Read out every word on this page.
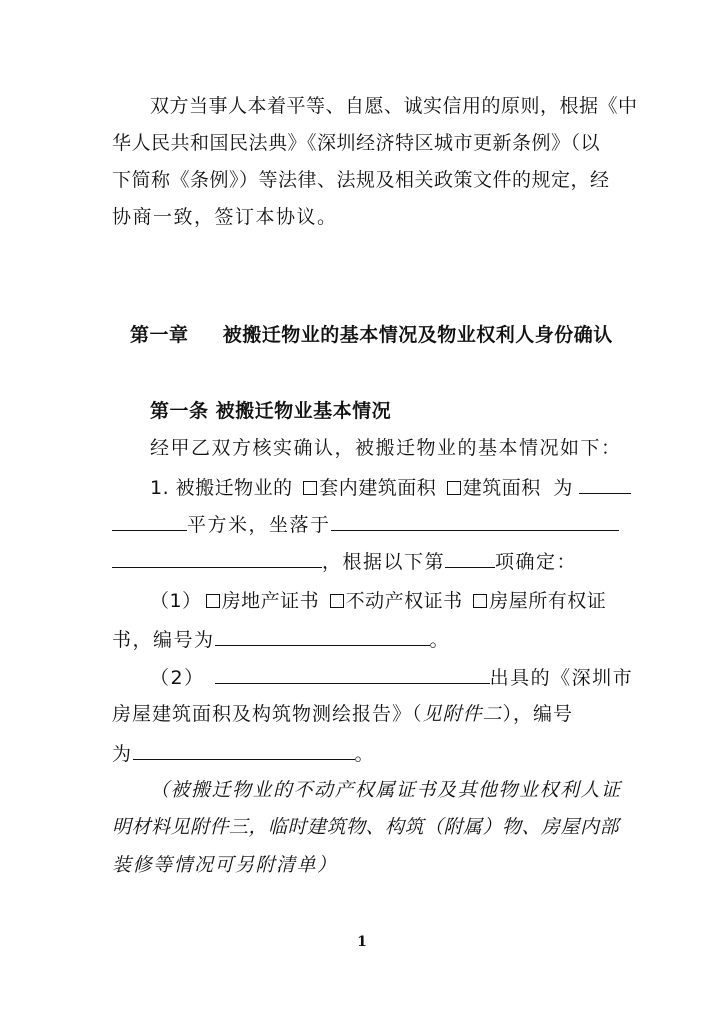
双方当事人本着平等、自愿、诚实信用的原则，根据《中
华人民共和国民法典》《深圳经济特区城市更新条例》（以
下简称《条例》）等法律、法规及相关政策文件的规定，经
协商一致，签订本协议。
第一章 被搬迁物业的基本情况及物业权利人身份确认
第一条 被搬迁物业基本情况
经甲乙双方核实确认，被搬迁物业的基本情况如下：
1. 被搬迁物业的 套内建筑面积 建筑面积 为
平方米，坐落于
，根据以下第	项确定：
（1） 房地产证书 不动产权证书 房屋所有权证
书，编号为	。
（2）	出具的《深圳市
房屋建筑面积及构筑物测绘报告》（见附件二），编号
为	。
（被搬迁物业的不动产权属证书及其他物业权利人证
明材料见附件三，临时建筑物、构筑（附属）物、房屋内部
装修等情况可另附清单）
1
